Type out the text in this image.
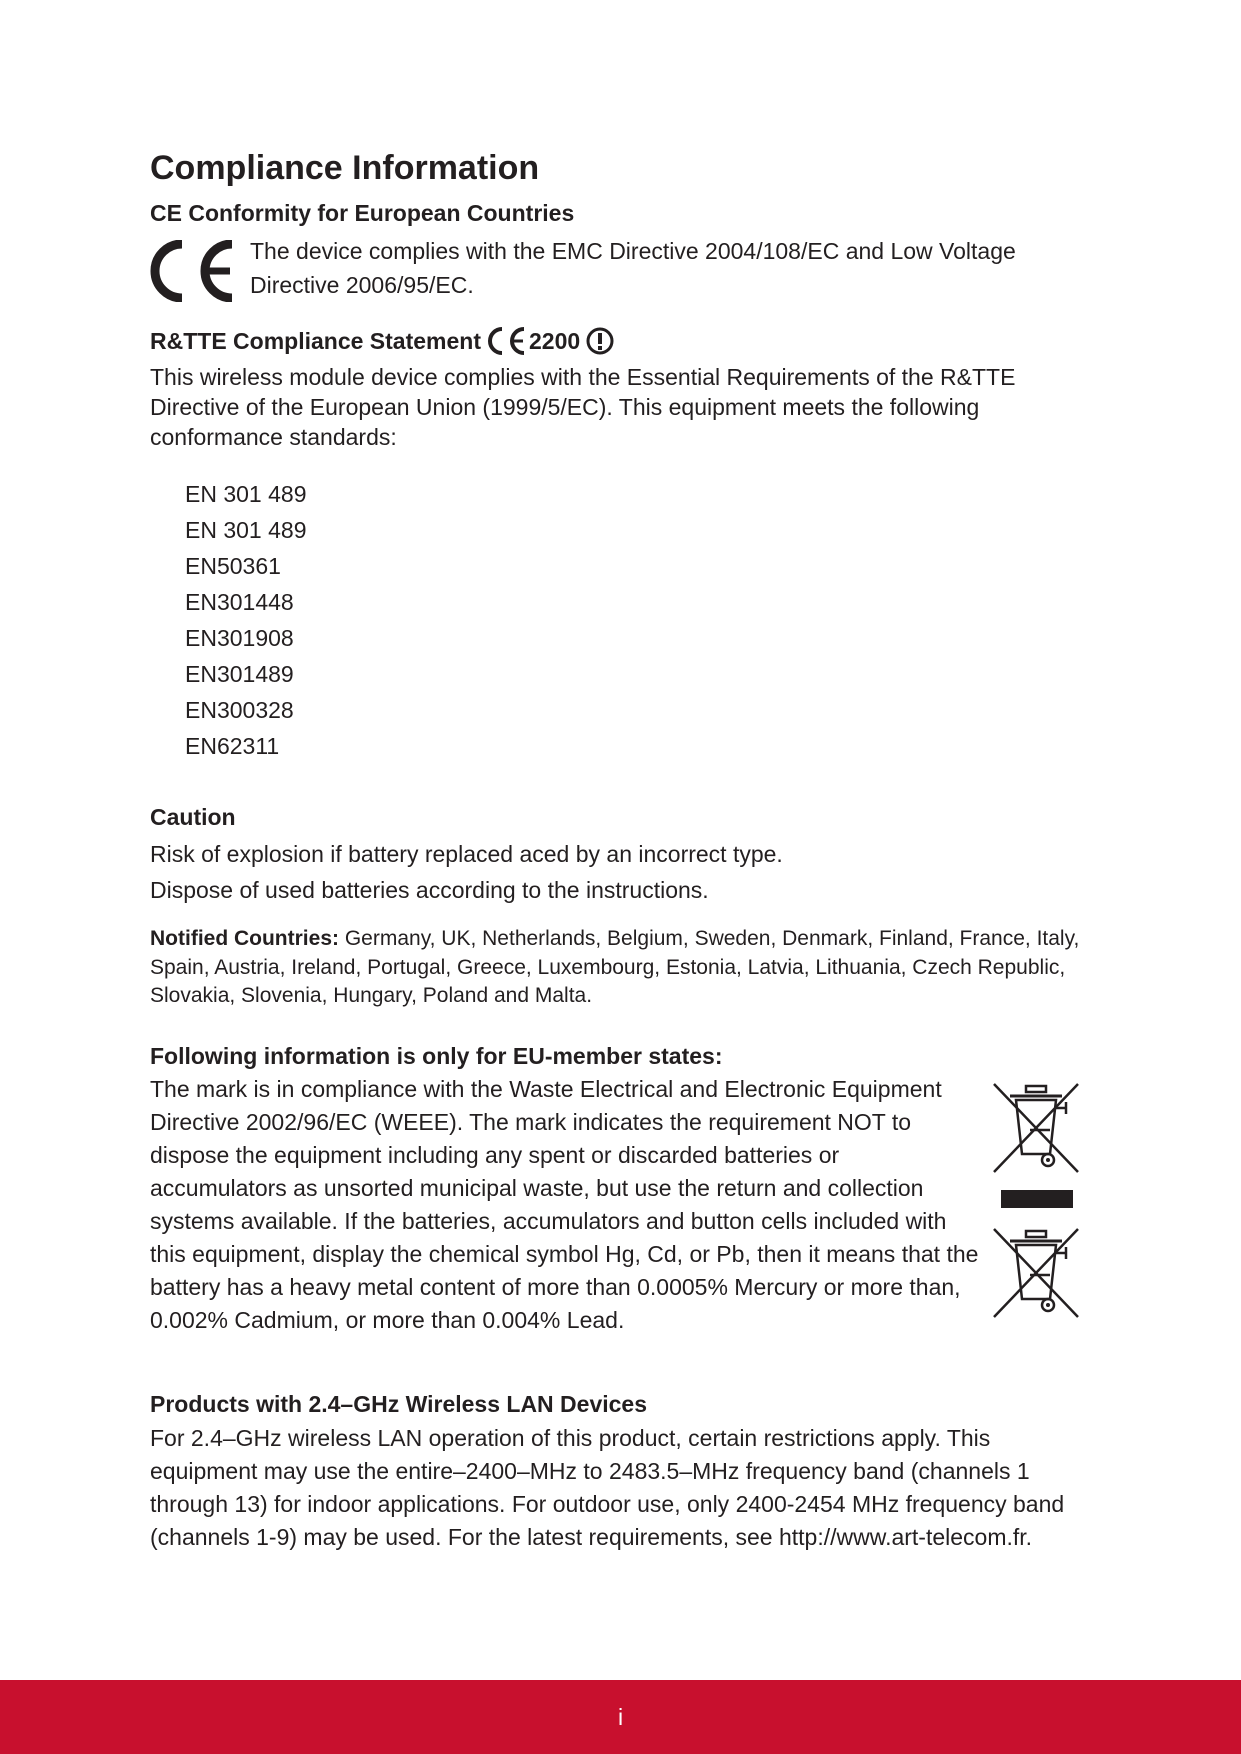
Compliance Information

CE Conformity for European Countries

The device complies with the EMC Directive 2004/108/EC and Low Voltage Directive 2006/95/EC.
R&TTE Compliance Statement 2200
This wireless module device complies with the Essential Requirements of the R&TTE Directive of the European Union (1999/5/EC). This equipment meets the following conformance standards:
EN 301 489
EN 301 489
EN50361
EN301448
EN301908
EN301489
EN300328
EN62311

Caution

Risk of explosion if battery replaced aced by an incorrect type.
Dispose of used batteries according to the instructions.
Notified Countries: Germany, UK, Netherlands, Belgium, Sweden, Denmark, Finland, France, Italy, Spain, Austria, Ireland, Portugal, Greece, Luxembourg, Estonia, Latvia, Lithuania, Czech Republic, Slovakia, Slovenia, Hungary, Poland and Malta.

Following information is only for EU-member states:

The mark is in compliance with the Waste Electrical and Electronic Equipment Directive 2002/96/EC (WEEE). The mark indicates the requirement NOT to dispose the equipment including any spent or discarded batteries or accumulators as unsorted municipal waste, but use the return and collection systems available. If the batteries, accumulators and button cells included with this equipment, display the chemical symbol Hg, Cd, or Pb, then it means that the battery has a heavy metal content of more than 0.0005% Mercury or more than, 0.002% Cadmium, or more than 0.004% Lead.

Products with 2.4–GHz Wireless LAN Devices

For 2.4–GHz wireless LAN operation of this product, certain restrictions apply. This equipment may use the entire–2400–MHz to 2483.5–MHz frequency band (channels 1 through 13) for indoor applications. For outdoor use, only 2400-2454 MHz frequency band (channels 1-9) may be used. For the latest requirements, see http://www.art-telecom.fr.
i
